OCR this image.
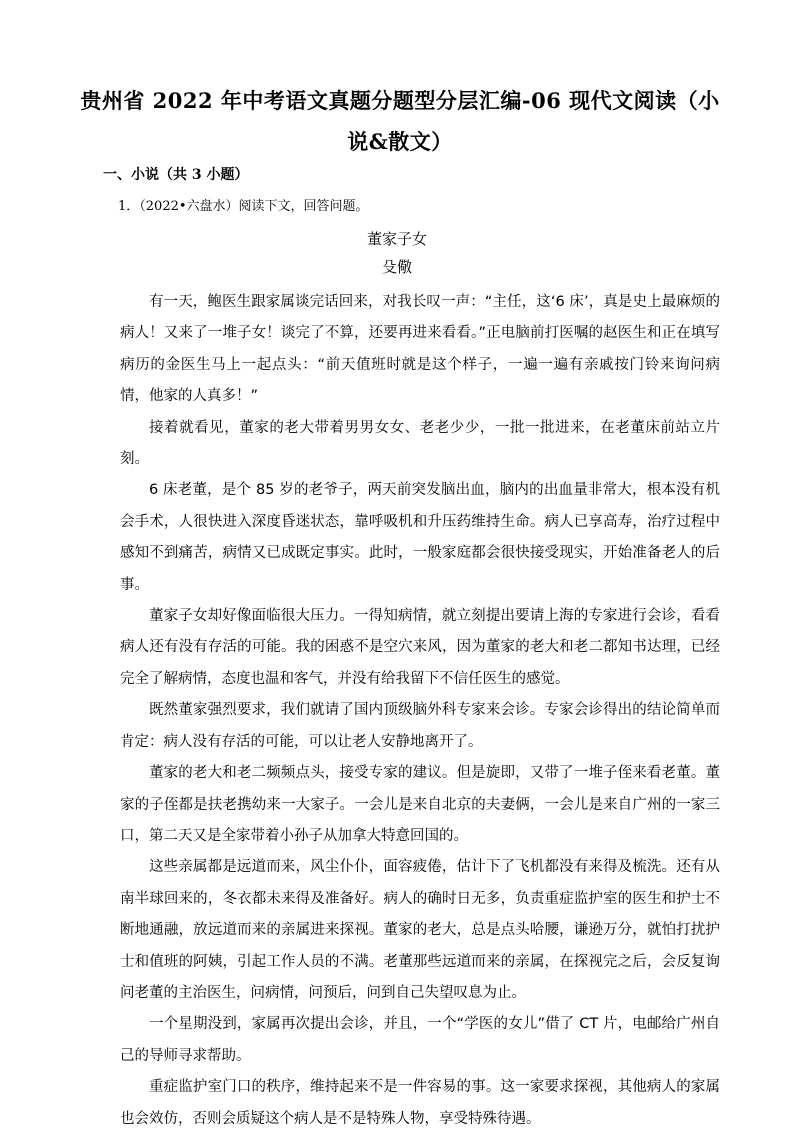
贵州省 2022 年中考语文真题分题型分层汇编-06 现代文阅读（小说&散文）
一、小说（共 3 小题）
1．（2022•六盘水）阅读下文，回答问题。
董家子女
殳儆

有一天，鲍医生跟家属谈完话回来，对我长叹一声：“主任，这‘6 床’，真是史上最麻烦的病人！又来了一堆子女！谈完了不算，还要再进来看看。”正电脑前打医嘱的赵医生和正在填写病历的金医生马上一起点头：“前天值班时就是这个样子，一遍一遍有亲戚按门铃来询问病情，他家的人真多！”

接着就看见，董家的老大带着男男女女、老老少少，一批一批进来，在老董床前站立片刻。

6 床老董，是个 85 岁的老爷子，两天前突发脑出血，脑内的出血量非常大，根本没有机会手术，人很快进入深度昏迷状态，靠呼吸机和升压药维持生命。病人已享高寿，治疗过程中感知不到痛苦，病情又已成既定事实。此时，一般家庭都会很快接受现实，开始准备老人的后事。

董家子女却好像面临很大压力。一得知病情，就立刻提出要请上海的专家进行会诊，看看病人还有没有存活的可能。我的困惑不是空穴来风，因为董家的老大和老二都知书达理，已经完全了解病情，态度也温和客气，并没有给我留下不信任医生的感觉。

既然董家强烈要求，我们就请了国内顶级脑外科专家来会诊。专家会诊得出的结论简单而肯定：病人没有存活的可能，可以让老人安静地离开了。

董家的老大和老二频频点头，接受专家的建议。但是旋即，又带了一堆子侄来看老董。董家的子侄都是扶老携幼来一大家子。一会儿是来自北京的夫妻俩，一会儿是来自广州的一家三口，第二天又是全家带着小孙子从加拿大特意回国的。

这些亲属都是远道而来，风尘仆仆，面容疲倦，估计下了飞机都没有来得及梳洗。还有从南半球回来的，冬衣都未来得及准备好。病人的确时日无多，负责重症监护室的医生和护士不断地通融，放远道而来的亲属进来探视。董家的老大，总是点头哈腰，谦逊万分，就怕打扰护士和值班的阿姨，引起工作人员的不满。老董那些远道而来的亲属，在探视完之后，会反复询问老董的主治医生，问病情，问预后，问到自己失望叹息为止。

一个星期没到，家属再次提出会诊，并且，一个“学医的女儿”借了 CT 片，电邮给广州自己的导师寻求帮助。

重症监护室门口的秩序，维持起来不是一件容易的事。这一家要求探视，其他病人的家属也会效仿，否则会质疑这个病人是不是特殊人物，享受特殊待遇。
